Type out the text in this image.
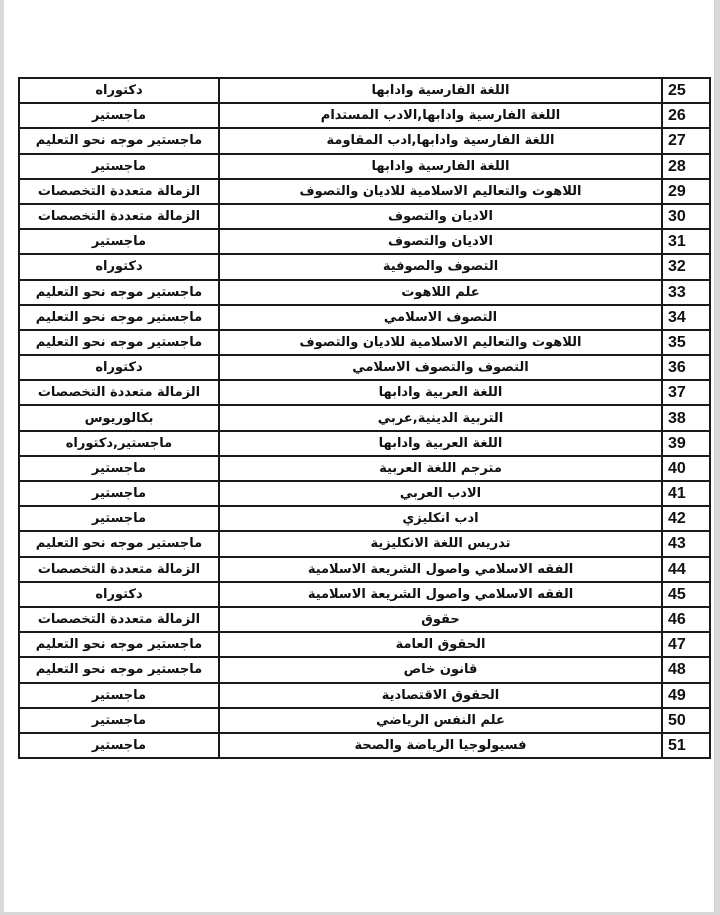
دكتوراه	اللغة الفارسية وادابها	25
ماجستير	اللغة الفارسية وادابها,الادب المستدام	26
ماجستير موجه نحو التعليم	اللغة الفارسية وادابها,ادب المقاومة	27
ماجستير	اللغة الفارسية وادابها	28
الزمالة متعددة التخصصات	اللاهوت والتعاليم الاسلامية للاديان والتصوف	29
الزمالة متعددة التخصصات	الاديان والتصوف	30
ماجستير	الاديان والتصوف	31
دكتوراه	التصوف والصوفية	32
ماجستير موجه نحو التعليم	علم اللاهوت	33
ماجستير موجه نحو التعليم	التصوف الاسلامي	34
ماجستير موجه نحو التعليم	اللاهوت والتعاليم الاسلامية للاديان والتصوف	35
دكتوراه	التصوف والتصوف الاسلامي	36
الزمالة متعددة التخصصات	اللغة العربية وادابها	37
بكالوريوس	التربية الدينية,عربي	38
ماجستير,دكتوراه	اللغة العربية وادابها	39
ماجستير	مترجم اللغة العربية	40
ماجستير	الادب العربي	41
ماجستير	ادب انكليزي	42
ماجستير موجه نحو التعليم	تدريس اللغة الانكليزية	43
الزمالة متعددة التخصصات	الفقه الاسلامي واصول الشريعة الاسلامية	44
دكتوراه	الفقه الاسلامي واصول الشريعة الاسلامية	45
الزمالة متعددة التخصصات	حقوق	46
ماجستير موجه نحو التعليم	الحقوق العامة	47
ماجستير موجه نحو التعليم	قانون خاص	48
ماجستير	الحقوق الاقتصادية	49
ماجستير	علم النفس الرياضي	50
ماجستير	فسيولوجيا الرياضة والصحة	51
